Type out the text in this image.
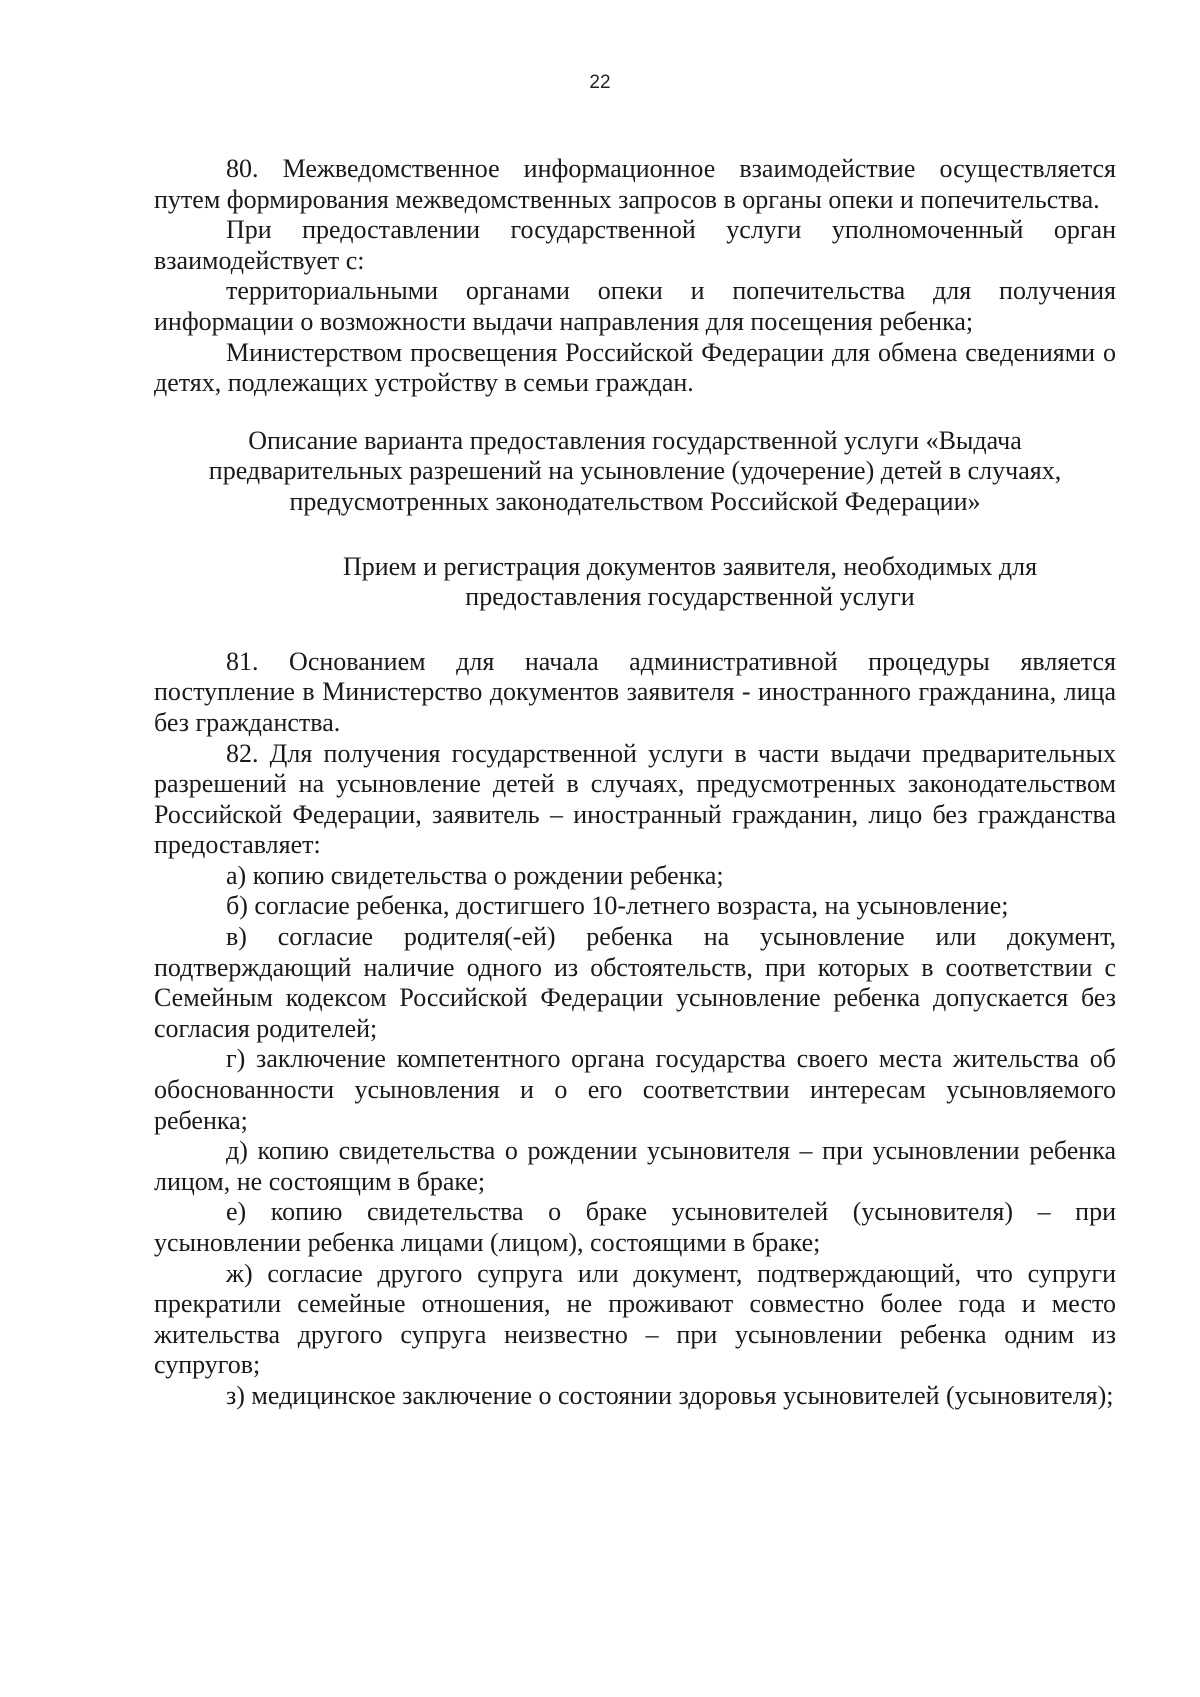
22

80. Межведомственное информационное взаимодействие осуществляется путем формирования межведомственных запросов в органы опеки и попечительства.

При предоставлении государственной услуги уполномоченный орган взаимодействует с:

территориальными органами опеки и попечительства для получения информации о возможности выдачи направления для посещения ребенка;

Министерством просвещения Российской Федерации для обмена сведениями о детях, подлежащих устройству в семьи граждан.

Описание варианта предоставления государственной услуги «Выдача предварительных разрешений на усыновление (удочерение) детей в случаях, предусмотренных законодательством Российской Федерации»

Прием и регистрация документов заявителя, необходимых для предоставления государственной услуги

81. Основанием для начала административной процедуры является поступление в Министерство документов заявителя - иностранного гражданина, лица без гражданства.

82. Для получения государственной услуги в части выдачи предварительных разрешений на усыновление детей в случаях, предусмотренных законодательством Российской Федерации, заявитель – иностранный гражданин, лицо без гражданства предоставляет:

а) копию свидетельства о рождении ребенка;

б) согласие ребенка, достигшего 10-летнего возраста, на усыновление;

в) согласие родителя(-ей) ребенка на усыновление или документ, подтверждающий наличие одного из обстоятельств, при которых в соответствии с Семейным кодексом Российской Федерации усыновление ребенка допускается без согласия родителей;

г) заключение компетентного органа государства своего места жительства об обоснованности усыновления и о его соответствии интересам усыновляемого ребенка;

д) копию свидетельства о рождении усыновителя – при усыновлении ребенка лицом, не состоящим в браке;

е) копию свидетельства о браке усыновителей (усыновителя) – при усыновлении ребенка лицами (лицом), состоящими в браке;

ж) согласие другого супруга или документ, подтверждающий, что супруги прекратили семейные отношения, не проживают совместно более года и место жительства другого супруга неизвестно – при усыновлении ребенка одним из супругов;

з) медицинское заключение о состоянии здоровья усыновителей (усыновителя);
